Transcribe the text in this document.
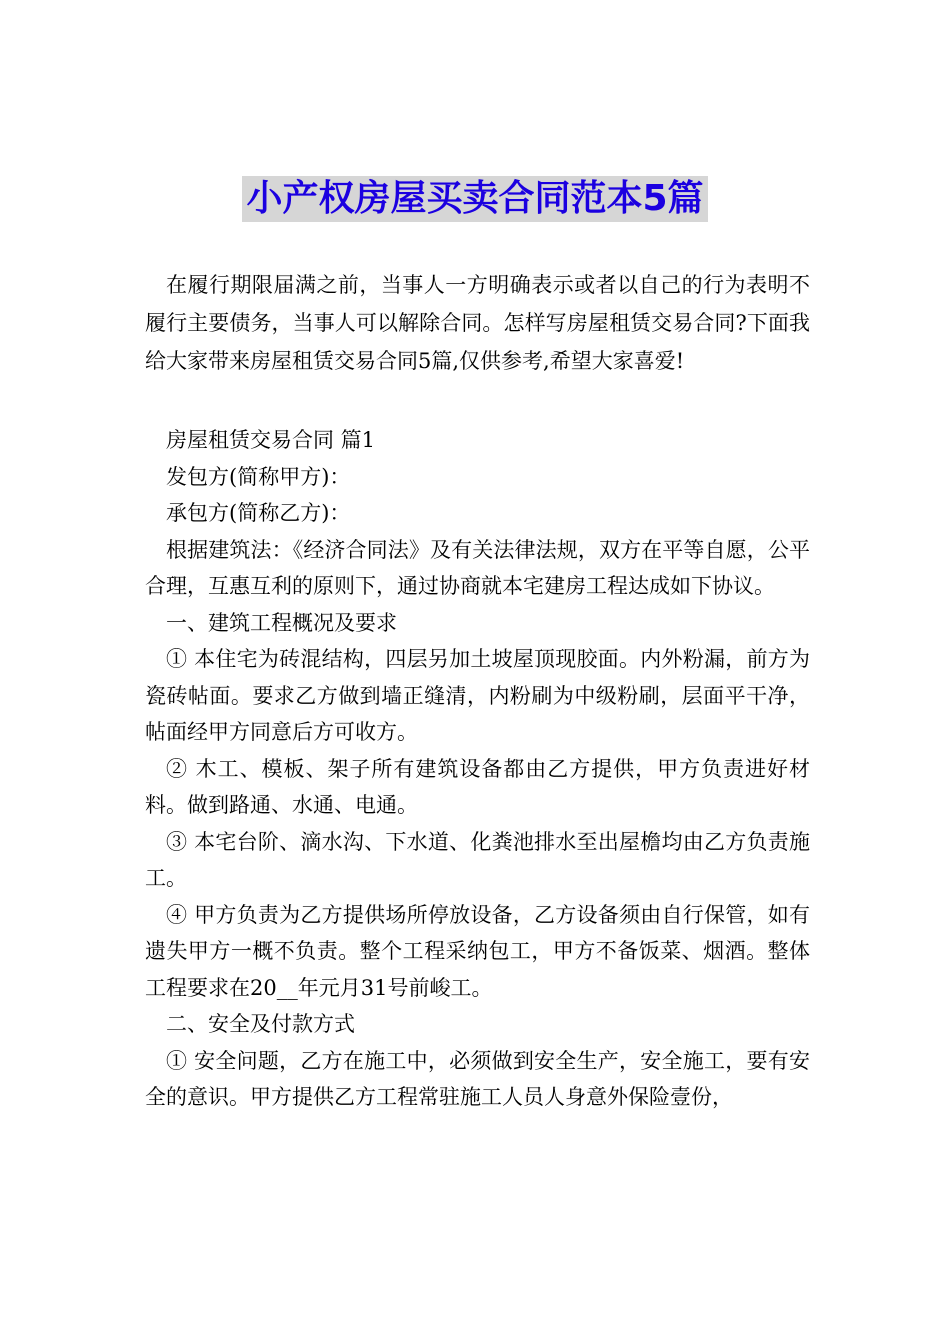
小产权房屋买卖合同范本5篇

在履行期限届满之前，当事人一方明确表示或者以自己的行为表明不履行主要债务，当事人可以解除合同。怎样写房屋租赁交易合同?下面我给大家带来房屋租赁交易合同5篇,仅供参考,希望大家喜爱!

房屋租赁交易合同 篇1

发包方(简称甲方)：

承包方(简称乙方)：

根据建筑法：《经济合同法》及有关法律法规，双方在平等自愿，公平合理，互惠互利的原则下，通过协商就本宅建房工程达成如下协议。

一、建筑工程概况及要求

① 本住宅为砖混结构，四层另加土坡屋顶现胶面。内外粉漏，前方为瓷砖帖面。要求乙方做到墙正缝清，内粉刷为中级粉刷，层面平干净，帖面经甲方同意后方可收方。

② 木工、模板、架子所有建筑设备都由乙方提供，甲方负责进好材料。做到路通、水通、电通。

③ 本宅台阶、滴水沟、下水道、化粪池排水至出屋檐均由乙方负责施工。

④ 甲方负责为乙方提供场所停放设备，乙方设备须由自行保管，如有遗失甲方一概不负责。整个工程采纳包工，甲方不备饭菜、烟酒。整体工程要求在20__年元月31号前峻工。

二、安全及付款方式

① 安全问题，乙方在施工中，必须做到安全生产，安全施工，要有安全的意识。甲方提供乙方工程常驻施工人员人身意外保险壹份，
